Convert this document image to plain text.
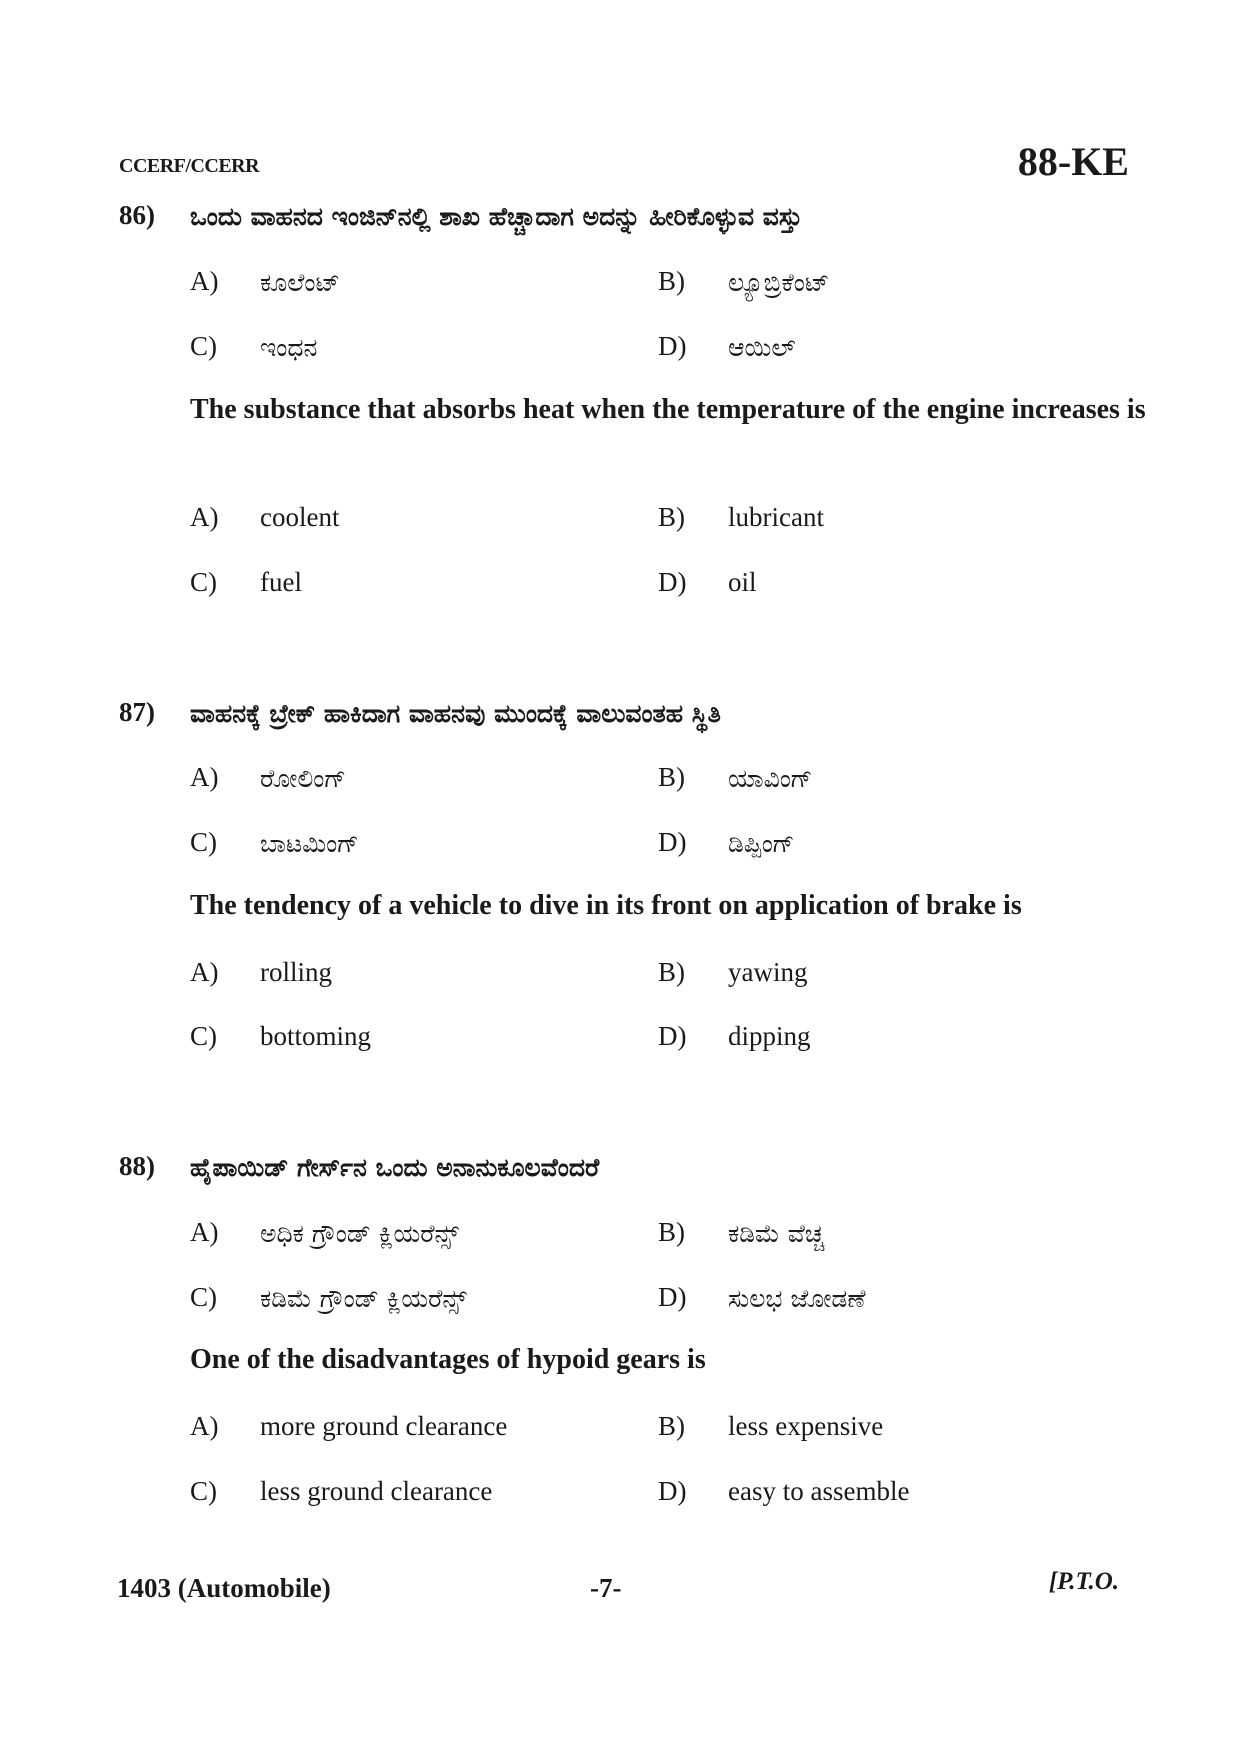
CCERF/CCERR	88-KE
86) ಒಂದು ವಾಹನದ ಇಂಜಿನ್‌ನಲ್ಲಿ ಶಾಖ ಹೆಚ್ಚಾದಾಗ ಅದನ್ನು ಹೀರಿಕೊಳ್ಳುವ ವಸ್ತು
A) ಕೂಲೆಂಟ್	B) ಲ್ಯೂಬ್ರಿಕೆಂಟ್
C) ಇಂಧನ	D) ಆಯಿಲ್
The substance that absorbs heat when the temperature of the engine increases is
A) coolent	B) lubricant
C) fuel	D) oil
87) ವಾಹನಕ್ಕೆ ಬ್ರೇಕ್ ಹಾಕಿದಾಗ ವಾಹನವು ಮುಂದಕ್ಕೆ ವಾಲುವಂತಹ ಸ್ಥಿತಿ
A) ರೋಲಿಂಗ್	B) ಯಾವಿಂಗ್
C) ಬಾಟಮಿಂಗ್	D) ಡಿಪ್ಪಿಂಗ್
The tendency of a vehicle to dive in its front on application of brake is
A) rolling	B) yawing
C) bottoming	D) dipping
88) ಹೈಪಾಯಿಡ್ ಗೇರ್ಸ್‌ನ ಒಂದು ಅನಾನುಕೂಲವೆಂದರೆ
A) ಅಧಿಕ ಗ್ರೌಂಡ್ ಕ್ಲಿಯರೆನ್ಸ್	B) ಕಡಿಮೆ ವೆಚ್ಚ
C) ಕಡಿಮೆ ಗ್ರೌಂಡ್ ಕ್ಲಿಯರೆನ್ಸ್	D) ಸುಲಭ ಜೋಡಣೆ
One of the disadvantages of hypoid gears is
A) more ground clearance	B) less expensive
C) less ground clearance	D) easy to assemble
1403 (Automobile)	-7-	[P.T.O.
